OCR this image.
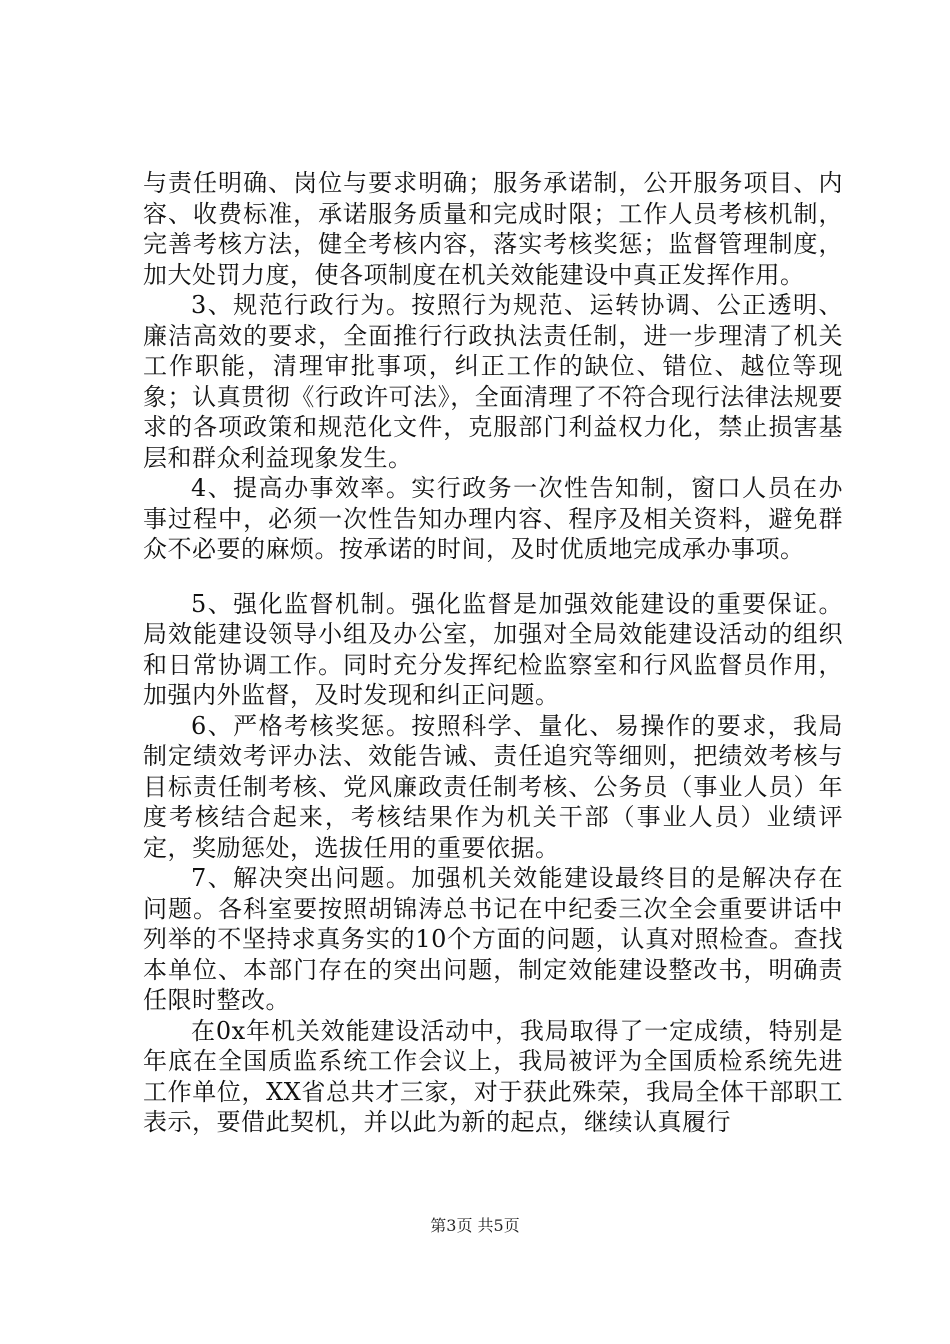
与责任明确、岗位与要求明确；服务承诺制，公开服务项目、内容、收费标准，承诺服务质量和完成时限；工作人员考核机制，完善考核方法，健全考核内容，落实考核奖惩；监督管理制度，加大处罚力度，使各项制度在机关效能建设中真正发挥作用。

3、规范行政行为。按照行为规范、运转协调、公正透明、廉洁高效的要求，全面推行行政执法责任制，进一步理清了机关工作职能，清理审批事项，纠正工作的缺位、错位、越位等现象；认真贯彻《行政许可法》，全面清理了不符合现行法律法规要求的各项政策和规范化文件，克服部门利益权力化，禁止损害基层和群众利益现象发生。

4、提高办事效率。实行政务一次性告知制，窗口人员在办事过程中，必须一次性告知办理内容、程序及相关资料，避免群众不必要的麻烦。按承诺的时间，及时优质地完成承办事项。

5、强化监督机制。强化监督是加强效能建设的重要保证。局效能建设领导小组及办公室，加强对全局效能建设活动的组织和日常协调工作。同时充分发挥纪检监察室和行风监督员作用，加强内外监督，及时发现和纠正问题。

6、严格考核奖惩。按照科学、量化、易操作的要求，我局制定绩效考评办法、效能告诫、责任追究等细则，把绩效考核与目标责任制考核、党风廉政责任制考核、公务员（事业人员）年度考核结合起来，考核结果作为机关干部（事业人员）业绩评定，奖励惩处，选拔任用的重要依据。

7、解决突出问题。加强机关效能建设最终目的是解决存在问题。各科室要按照胡锦涛总书记在中纪委三次全会重要讲话中列举的不坚持求真务实的10个方面的问题，认真对照检查。查找本单位、本部门存在的突出问题，制定效能建设整改书，明确责任限时整改。

在0x年机关效能建设活动中，我局取得了一定成绩，特别是年底在全国质监系统工作会议上，我局被评为全国质检系统先进工作单位，XX省总共才三家，对于获此殊荣，我局全体干部职工表示，要借此契机，并以此为新的起点，继续认真履行

第3页 共5页
